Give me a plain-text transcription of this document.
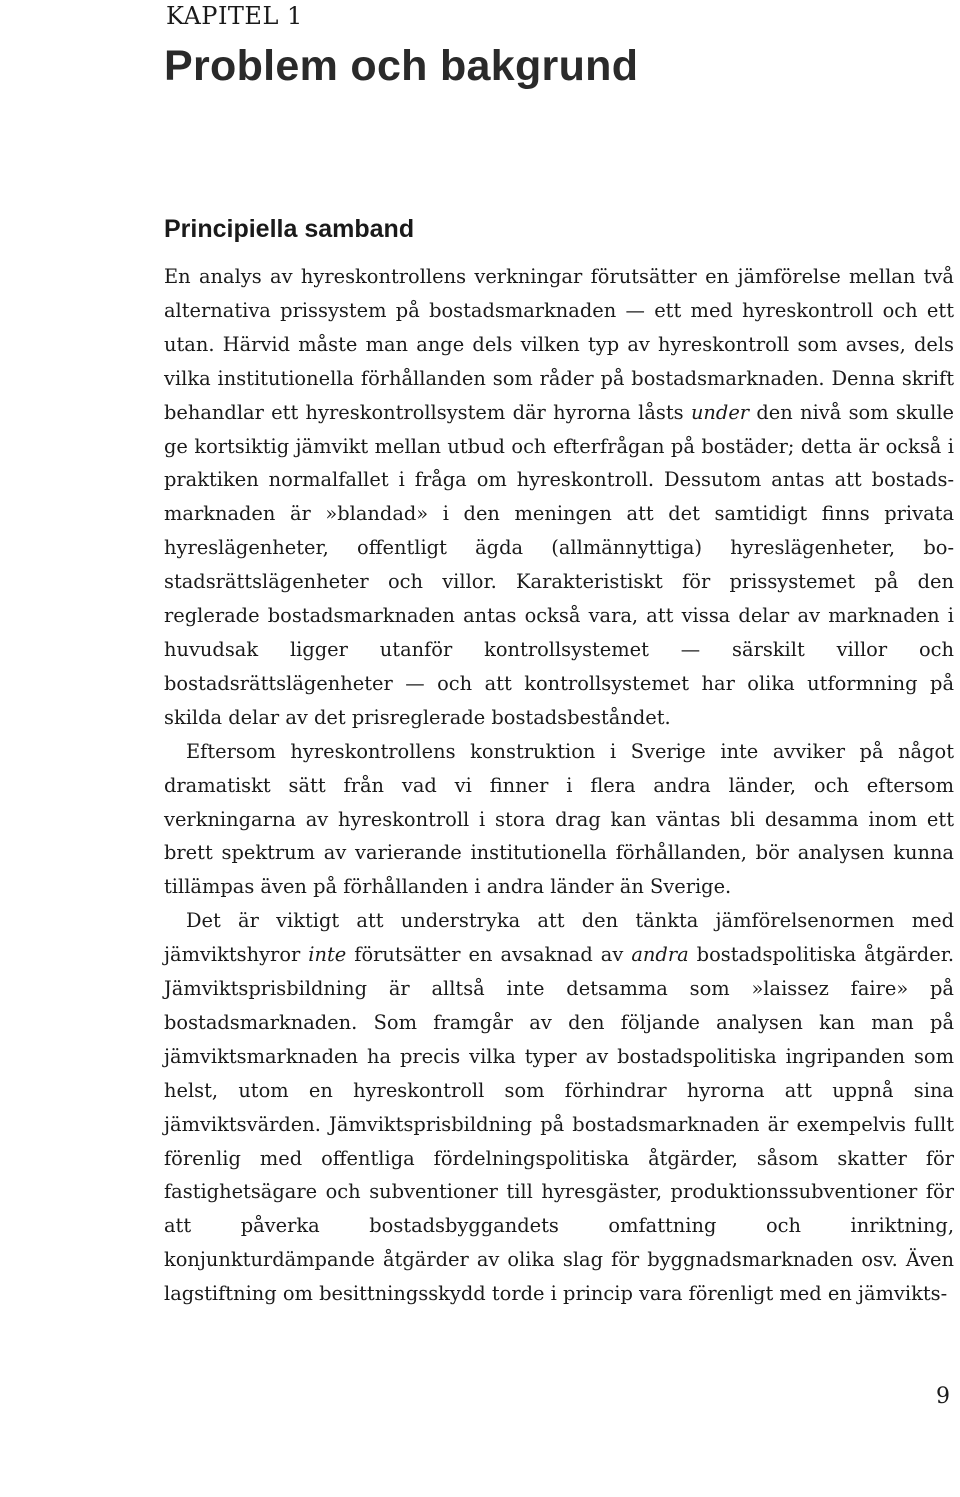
KAPITEL 1
Problem och bakgrund
Principiella samband

En analys av hyreskontrollens verkningar förutsätter en jämförelse mellan två alternativa prissystem på bostadsmarknaden — ett med hyreskontroll och ett utan. Härvid måste man ange dels vilken typ av hyreskontroll som avses, dels vilka institutionella förhållanden som råder på bostadsmarknaden. Denna skrift behandlar ett hyreskontrollsystem där hyrorna låsts under den nivå som skulle ge kortsiktig jämvikt mellan utbud och efterfrågan på bostäder; detta är också i praktiken normalfallet i fråga om hyreskontroll. Dessutom antas att bostadsmarknaden är »blandad» i den meningen att det samtidigt finns privata hyreslägenheter, offentligt ägda (allmännyttiga) hyreslägenheter, bostadsrättslägenheter och villor. Karakteristiskt för prissystemet på den reglerade bostadsmarknaden antas också vara, att vissa delar av marknaden i huvudsak ligger utanför kontrollsystemet — särskilt villor och bostadsrättslägenheter — och att kontrollsystemet har olika utformning på skilda delar av det prisreglerade bostadsbeståndet.

Eftersom hyreskontrollens konstruktion i Sverige inte avviker på något dramatiskt sätt från vad vi finner i flera andra länder, och eftersom verkningarna av hyreskontroll i stora drag kan väntas bli desamma inom ett brett spektrum av varierande institutionella förhållanden, bör analysen kunna tillämpas även på förhållanden i andra länder än Sverige.

Det är viktigt att understryka att den tänkta jämförelsenormen med jämviktshyror inte förutsätter en avsaknad av andra bostadspolitiska åtgärder. Jämviktsprisbildning är alltså inte detsamma som »laissez faire» på bostadsmarknaden. Som framgår av den följande analysen kan man på jämviktsmarknaden ha precis vilka typer av bostadspolitiska ingripanden som helst, utom en hyreskontroll som förhindrar hyrorna att uppnå sina jämviktsvärden. Jämviktsprisbildning på bostadsmarknaden är exempelvis fullt förenlig med offentliga fördelningspolitiska åtgärder, såsom skatter för fastighetsägare och subventioner till hyresgäster, produktionssubventioner för att påverka bostadsbyggandets omfattning och inriktning, konjunkturdämpande åtgärder av olika slag för byggnadsmarknaden osv. Även lagstiftning om besittningsskydd torde i princip vara förenligt med en jämvikts-

9
